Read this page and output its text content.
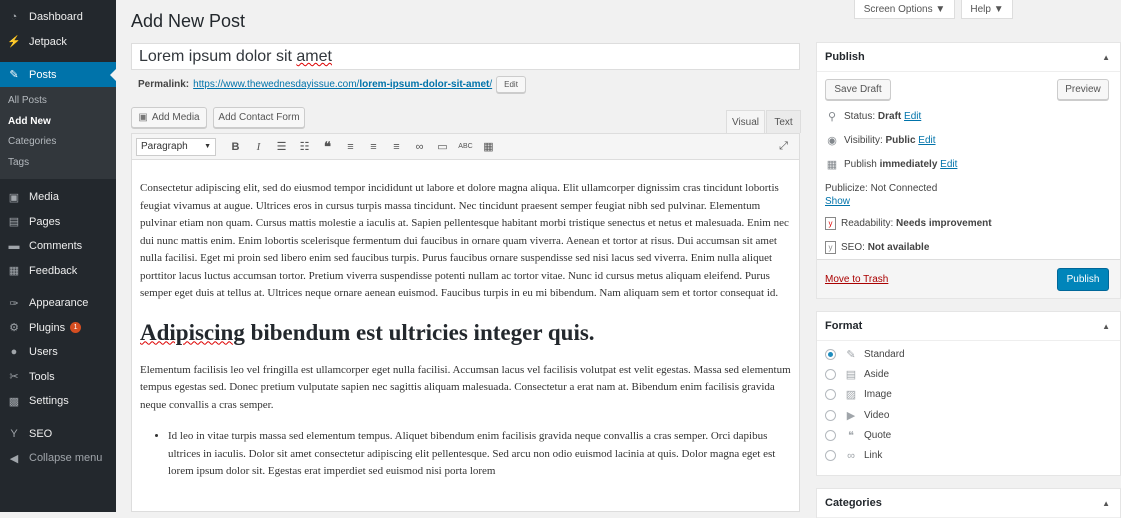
◔	Dashboard
⚡ Jetpack
✎ Posts
All Posts
Add New
Categories
Tags
▣ Media
▤ Pages
▬ Comments
▦ Feedback
✑ Appearance
⚙ Plugins	1
●	Users
✂ Tools
▩ Settings
Y	SEO
◀ Collapse menu
Screen Options ▼	Help ▼
Add New Post
Lorem ipsum dolor sit amet
Permalink: https://www.thewednesdayissue.com/lorem-ipsum-dolor-sit-amet/	Edit
▣ Add Media	Add Contact Form	Visual	Text
Paragraph ▼	B	I	☰	☷	❝	≡	≡	≡	∞	▭	ABC ▦	⤢

Consectetur adipiscing elit, sed do eiusmod tempor incididunt ut labore et dolore magna aliqua. Elit ullamcorper dignissim cras tincidunt lobortis feugiat vivamus at augue. Ultrices eros in cursus turpis massa tincidunt. Nec tincidunt praesent semper feugiat nibh sed pulvinar. Elementum pulvinar etiam non quam. Cursus mattis molestie a iaculis at. Sapien pellentesque habitant morbi tristique senectus et netus et malesuada. Enim nec dui nunc mattis enim. Enim lobortis scelerisque fermentum dui faucibus in ornare quam viverra. Aenean et tortor at risus. Dui accumsan sit amet nulla facilisi. Eget mi proin sed libero enim sed faucibus turpis. Purus faucibus ornare suspendisse sed nisi lacus sed viverra. Enim nulla aliquet porttitor lacus luctus accumsan tortor. Pretium viverra suspendisse potenti nullam ac tortor vitae. Nunc id cursus metus aliquam eleifend. Purus semper eget duis at tellus at. Ultrices neque ornare aenean euismod. Faucibus turpis in eu mi bibendum. Nam aliquam sem et tortor consequat id.

Adipiscing bibendum est ultricies integer quis.

Elementum facilisis leo vel fringilla est ullamcorper eget nulla facilisi. Accumsan lacus vel facilisis volutpat est velit egestas. Massa sed elementum tempus egestas sed. Donec pretium vulputate sapien nec sagittis aliquam malesuada. Consectetur a erat nam at. Bibendum enim facilisis gravida neque convallis a cras semper.

• Id leo in vitae turpis massa sed elementum tempus. Aliquet bibendum enim facilisis gravida neque convallis a cras semper. Orci dapibus ultrices in iaculis. Dolor sit amet consectetur adipiscing elit pellentesque. Sed arcu non odio euismod lacinia at quis. Dolor magna eget est lorem ipsum dolor sit. Egestas erat imperdiet sed euismod nisi porta lorem
Publish	▲
Save Draft	Preview
⚲ Status: Draft
Edit
◉ Visibility: Public
Edit
▦ Publish immediately
Edit
Publicize: Not Connected
Show
y Readability: Needs improvement
y SEO: Not available
Move to Trash	Publish
Format	▲
✎ Standard
▤ Aside
▨ Image
▶ Video
❝	Quote
∞ Link
Categories	▲
